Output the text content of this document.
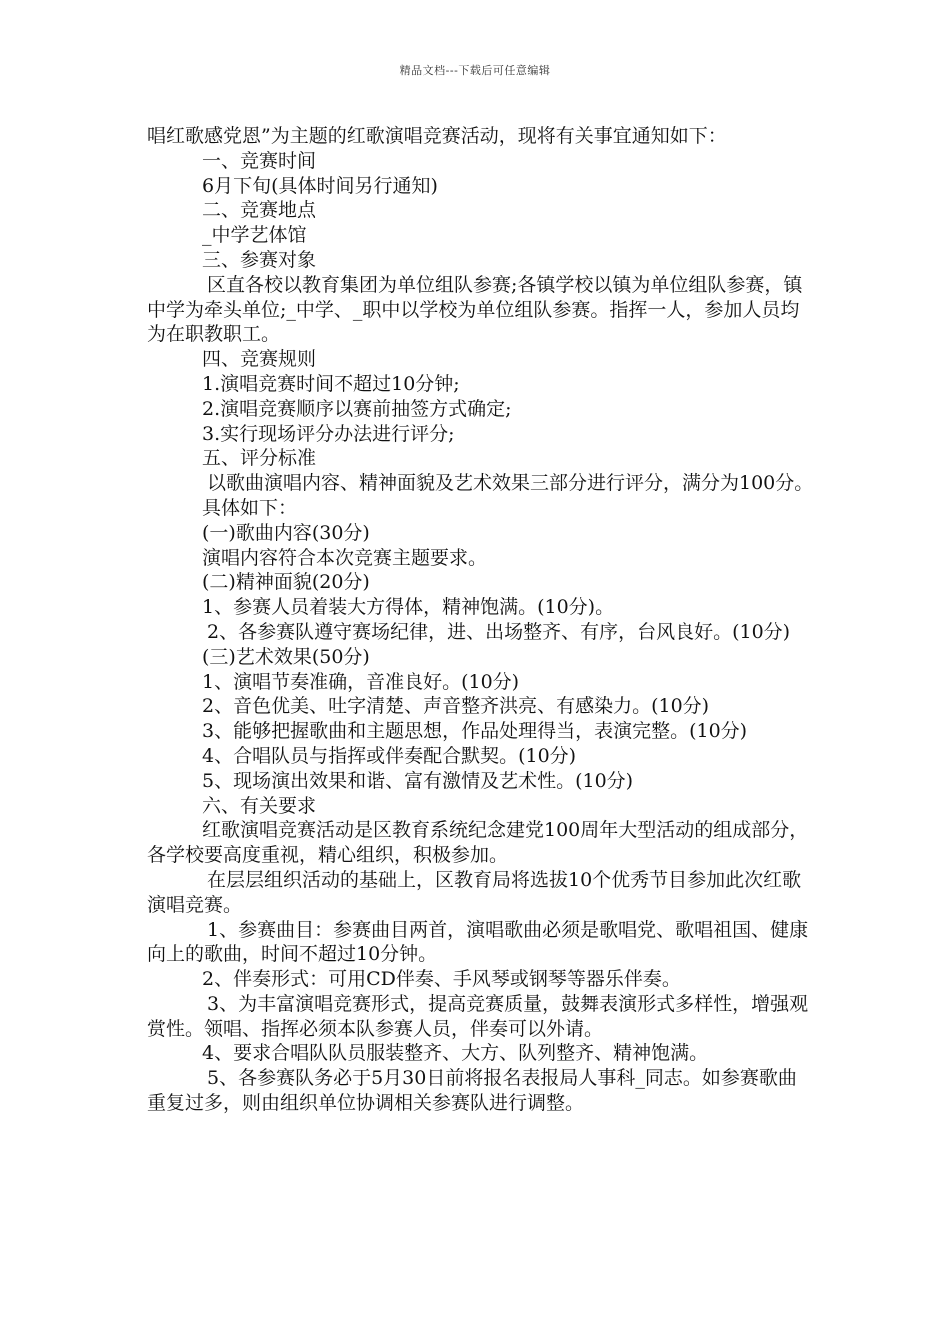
精品文档---下载后可任意编辑

唱红歌感党恩”为主题的红歌演唱竞赛活动，现将有关事宜通知如下：

一、竞赛时间

6月下旬(具体时间另行通知)

二、竞赛地点

_中学艺体馆

三、参赛对象

区直各校以教育集团为单位组队参赛;各镇学校以镇为单位组队参赛，镇中学为牵头单位;_中学、_职中以学校为单位组队参赛。指挥一人，参加人员均为在职教职工。

四、竞赛规则

1.演唱竞赛时间不超过10分钟;

2.演唱竞赛顺序以赛前抽签方式确定;

3.实行现场评分办法进行评分;

五、评分标准

以歌曲演唱内容、精神面貌及艺术效果三部分进行评分，满分为100分。

具体如下：

(一)歌曲内容(30分)

演唱内容符合本次竞赛主题要求。

(二)精神面貌(20分)

1、参赛人员着装大方得体，精神饱满。(10分)。

2、各参赛队遵守赛场纪律，进、出场整齐、有序，台风良好。(10分)

(三)艺术效果(50分)

1、演唱节奏准确，音准良好。(10分)

2、音色优美、吐字清楚、声音整齐洪亮、有感染力。(10分)

3、能够把握歌曲和主题思想，作品处理得当，表演完整。(10分)

4、合唱队员与指挥或伴奏配合默契。(10分)

5、现场演出效果和谐、富有激情及艺术性。(10分)

六、有关要求

红歌演唱竞赛活动是区教育系统纪念建党100周年大型活动的组成部分，各学校要高度重视，精心组织，积极参加。

在层层组织活动的基础上，区教育局将选拔10个优秀节目参加此次红歌演唱竞赛。

1、参赛曲目：参赛曲目两首，演唱歌曲必须是歌唱党、歌唱祖国、健康向上的歌曲，时间不超过10分钟。

2、伴奏形式：可用CD伴奏、手风琴或钢琴等器乐伴奏。

3、为丰富演唱竞赛形式，提高竞赛质量，鼓舞表演形式多样性，增强观赏性。领唱、指挥必须本队参赛人员，伴奏可以外请。

4、要求合唱队队员服装整齐、大方、队列整齐、精神饱满。

5、各参赛队务必于5月30日前将报名表报局人事科_同志。如参赛歌曲重复过多，则由组织单位协调相关参赛队进行调整。
